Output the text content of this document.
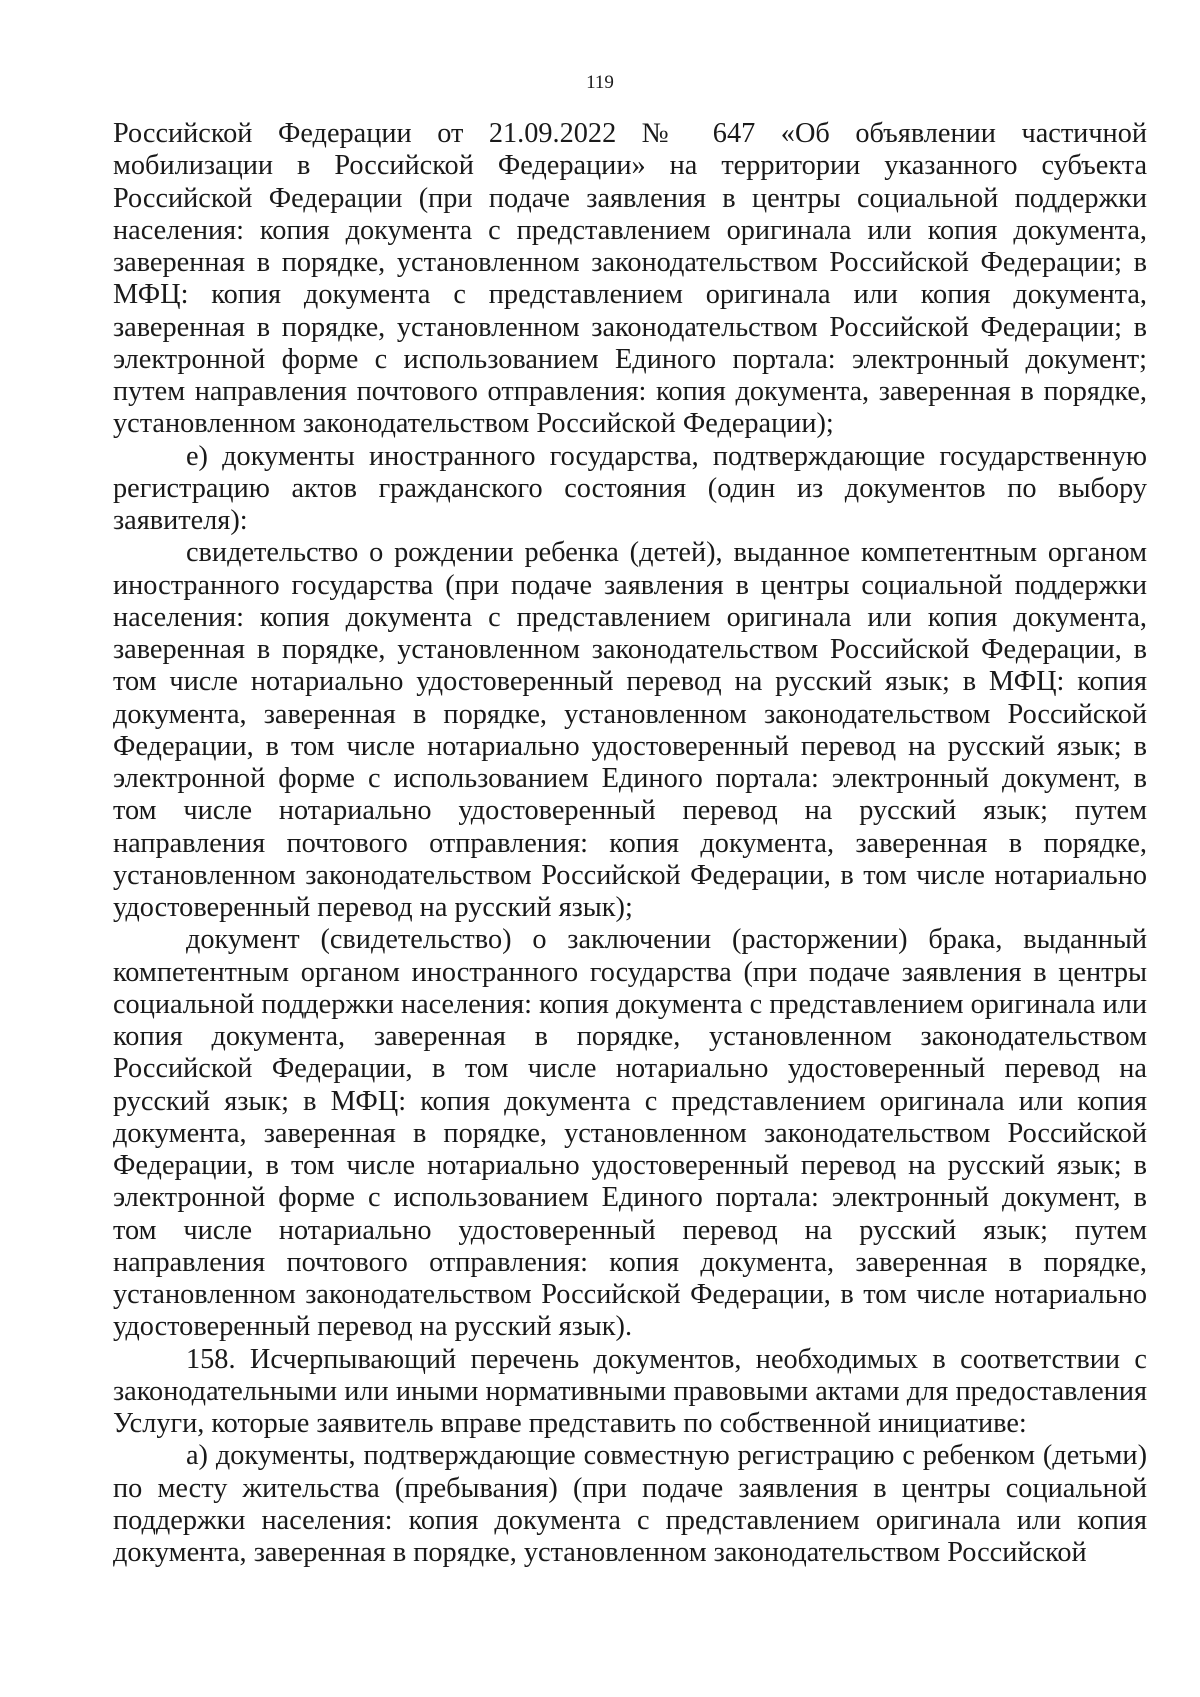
119

Российской Федерации от 21.09.2022 № 647 «Об объявлении частичной мобилизации в Российской Федерации» на территории указанного субъекта Российской Федерации (при подаче заявления в центры социальной поддержки населения: копия документа с представлением оригинала или копия документа, заверенная в порядке, установленном законодательством Российской Федерации; в МФЦ: копия документа с представлением оригинала или копия документа, заверенная в порядке, установленном законодательством Российской Федерации; в электронной форме с использованием Единого портала: электронный документ; путем направления почтового отправления: копия документа, заверенная в порядке, установленном законодательством Российской Федерации);

е) документы иностранного государства, подтверждающие государственную регистрацию актов гражданского состояния (один из документов по выбору заявителя):

свидетельство о рождении ребенка (детей), выданное компетентным органом иностранного государства (при подаче заявления в центры социальной поддержки населения: копия документа с представлением оригинала или копия документа, заверенная в порядке, установленном законодательством Российской Федерации, в том числе нотариально удостоверенный перевод на русский язык; в МФЦ: копия документа, заверенная в порядке, установленном законодательством Российской Федерации, в том числе нотариально удостоверенный перевод на русский язык; в электронной форме с использованием Единого портала: электронный документ, в том числе нотариально удостоверенный перевод на русский язык; путем направления почтового отправления: копия документа, заверенная в порядке, установленном законодательством Российской Федерации, в том числе нотариально удостоверенный перевод на русский язык);

документ (свидетельство) о заключении (расторжении) брака, выданный компетентным органом иностранного государства (при подаче заявления в центры социальной поддержки населения: копия документа с представлением оригинала или копия документа, заверенная в порядке, установленном законодательством Российской Федерации, в том числе нотариально удостоверенный перевод на русский язык; в МФЦ: копия документа с представлением оригинала или копия документа, заверенная в порядке, установленном законодательством Российской Федерации, в том числе нотариально удостоверенный перевод на русский язык; в электронной форме с использованием Единого портала: электронный документ, в том числе нотариально удостоверенный перевод на русский язык; путем направления почтового отправления: копия документа, заверенная в порядке, установленном законодательством Российской Федерации, в том числе нотариально удостоверенный перевод на русский язык).

158. Исчерпывающий перечень документов, необходимых в соответствии с законодательными или иными нормативными правовыми актами для предоставления Услуги, которые заявитель вправе представить по собственной инициативе:

а) документы, подтверждающие совместную регистрацию с ребенком (детьми) по месту жительства (пребывания) (при подаче заявления в центры социальной поддержки населения: копия документа с представлением оригинала или копия документа, заверенная в порядке, установленном законодательством Российской
